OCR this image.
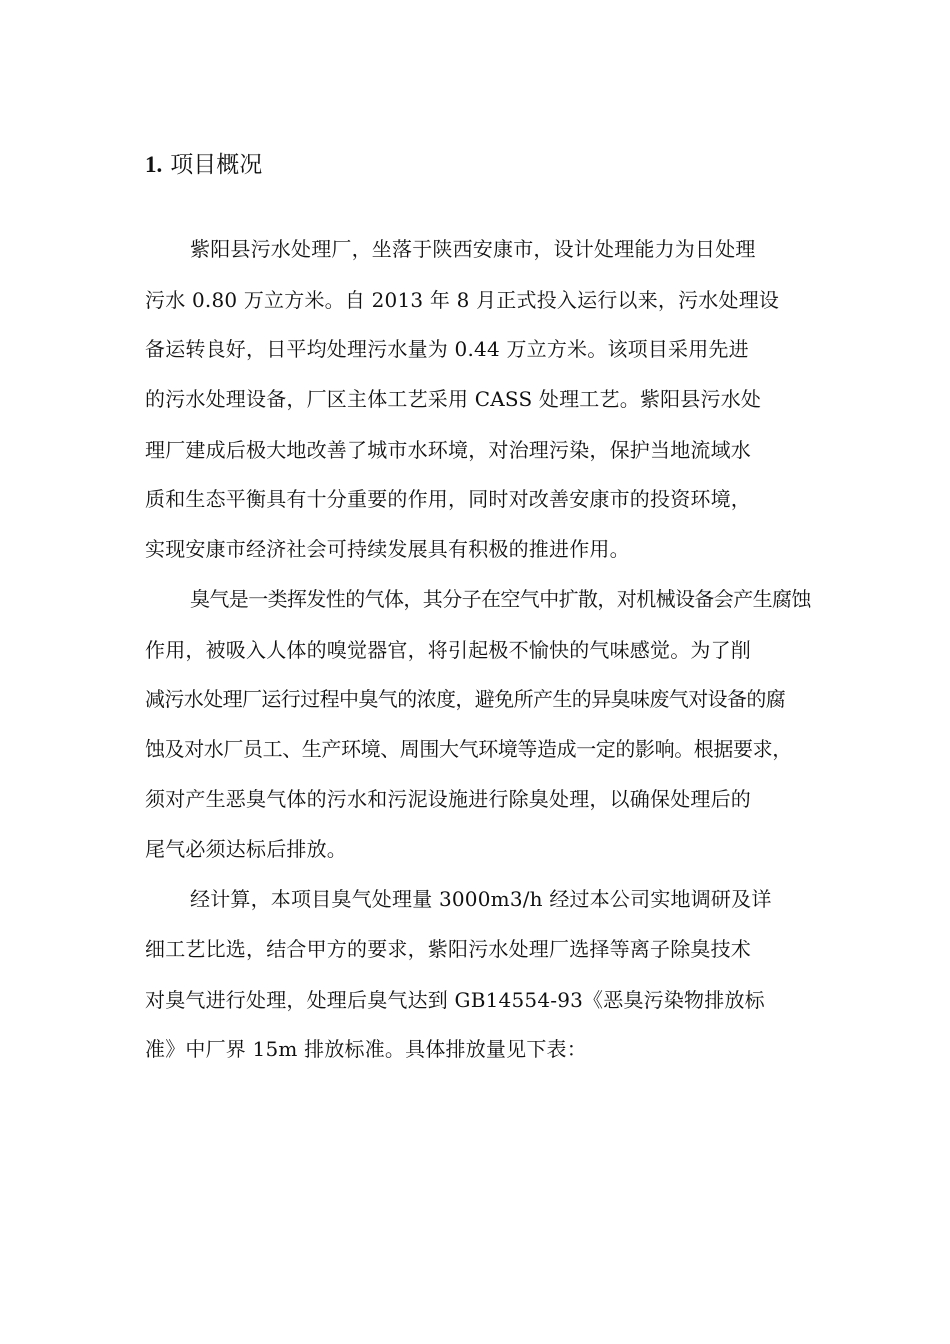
1. 项目概况
紫阳县污水处理厂，坐落于陕西安康市，设计处理能力为日处理
污水 0.80 万立方米。自 2013 年 8 月正式投入运行以来，污水处理设
备运转良好，日平均处理污水量为 0.44 万立方米。该项目采用先进
的污水处理设备，厂区主体工艺采用 CASS 处理工艺。紫阳县污水处
理厂建成后极大地改善了城市水环境，对治理污染，保护当地流域水
质和生态平衡具有十分重要的作用，同时对改善安康市的投资环境，
实现安康市经济社会可持续发展具有积极的推进作用。
臭气是一类挥发性的气体，其分子在空气中扩散，对机械设备会产生腐蚀
作用，被吸入人体的嗅觉器官，将引起极不愉快的气味感觉。为了削
减污水处理厂运行过程中臭气的浓度，避免所产生的异臭味废气对设备的腐
蚀及对水厂员工、生产环境、周围大气环境等造成一定的影响。根据要求，
须对产生恶臭气体的污水和污泥设施进行除臭处理，以确保处理后的
尾气必须达标后排放。
经计算，本项目臭气处理量 3000m3/h 经过本公司实地调研及详
细工艺比选，结合甲方的要求，紫阳污水处理厂选择等离子除臭技术
对臭气进行处理，处理后臭气达到 GB14554-93《恶臭污染物排放标
准》中厂界 15m 排放标准。具体排放量见下表：
